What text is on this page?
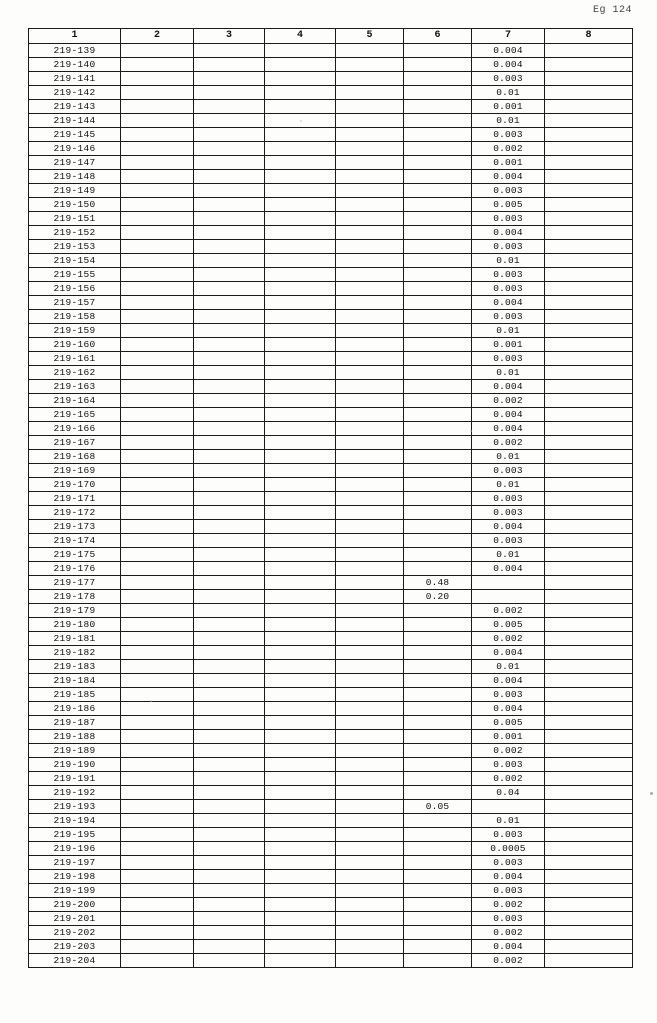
Eg 124
1	2	3	4	5	6	7	8
219-139						0.004	
219-140						0.004	
219-141						0.003	
219-142						0.01	
219-143						0.001	
219-144						0.01	
219-145						0.003	
219-146						0.002	
219-147						0.001	
219-148						0.004	
219-149						0.003	
219-150						0.005	
219-151						0.003	
219-152						0.004	
219-153						0.003	
219-154						0.01	
219-155						0.003	
219-156						0.003	
219-157						0.004	
219-158						0.003	
219-159						0.01	
219-160						0.001	
219-161						0.003	
219-162						0.01	
219-163						0.004	
219-164						0.002	
219-165						0.004	
219-166						0.004	
219-167						0.002	
219-168						0.01	
219-169						0.003	
219-170						0.01	
219-171						0.003	
219-172						0.003	
219-173						0.004	
219-174						0.003	
219-175						0.01	
219-176						0.004	
219-177					0.48		
219-178					0.20		
219-179						0.002	
219-180						0.005	
219-181						0.002	
219-182						0.004	
219-183						0.01	
219-184						0.004	
219-185						0.003	
219-186						0.004	
219-187						0.005	
219-188						0.001	
219-189						0.002	
219-190						0.003	
219-191						0.002	
219-192						0.04	
219-193					0.05		
219-194						0.01	
219-195						0.003	
219-196						0.0005	
219-197						0.003	
219-198						0.004	
219-199						0.003	
219-200						0.002	
219-201						0.003	
219-202						0.002	
219-203						0.004	
219-204						0.002	
